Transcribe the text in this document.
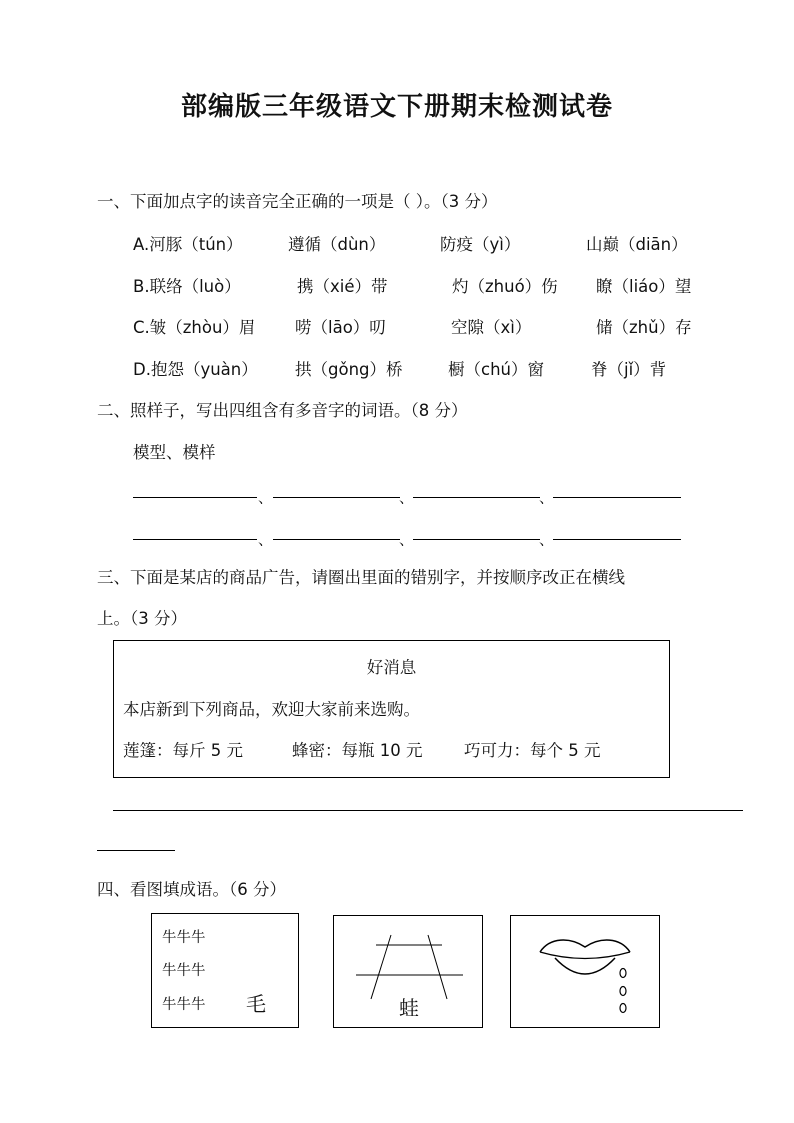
部编版三年级语文下册期末检测试卷
一、下面加点字的读音完全正确的一项是（ ）。（3 分）
A.河豚（tún）	遵循（dùn）	防疫（yì）	山巅（diān）
B.联络（luò）	携（xié）带	灼（zhuó）伤 瞭（liáo）望
C.皱（zhòu）眉 唠（lāo）叨	空隙（xì）	储（zhǔ）存
D.抱怨（yuàn） 拱（gǒng）桥	橱（chú）窗	脊（jǐ）背
二、照样子，写出四组含有多音字的词语。（8 分）
模型、模样
、	、	、
、	、	、
三、下面是某店的商品广告，请圈出里面的错别字，并按顺序改正在横线
上。（3 分）
好消息
本店新到下列商品，欢迎大家前来选购。
莲篷：每斤 5 元	蜂密：每瓶 10 元	巧可力：每个 5 元
四、看图填成语。（6 分）
牛牛牛
牛牛牛
牛牛牛 毛	蛙
